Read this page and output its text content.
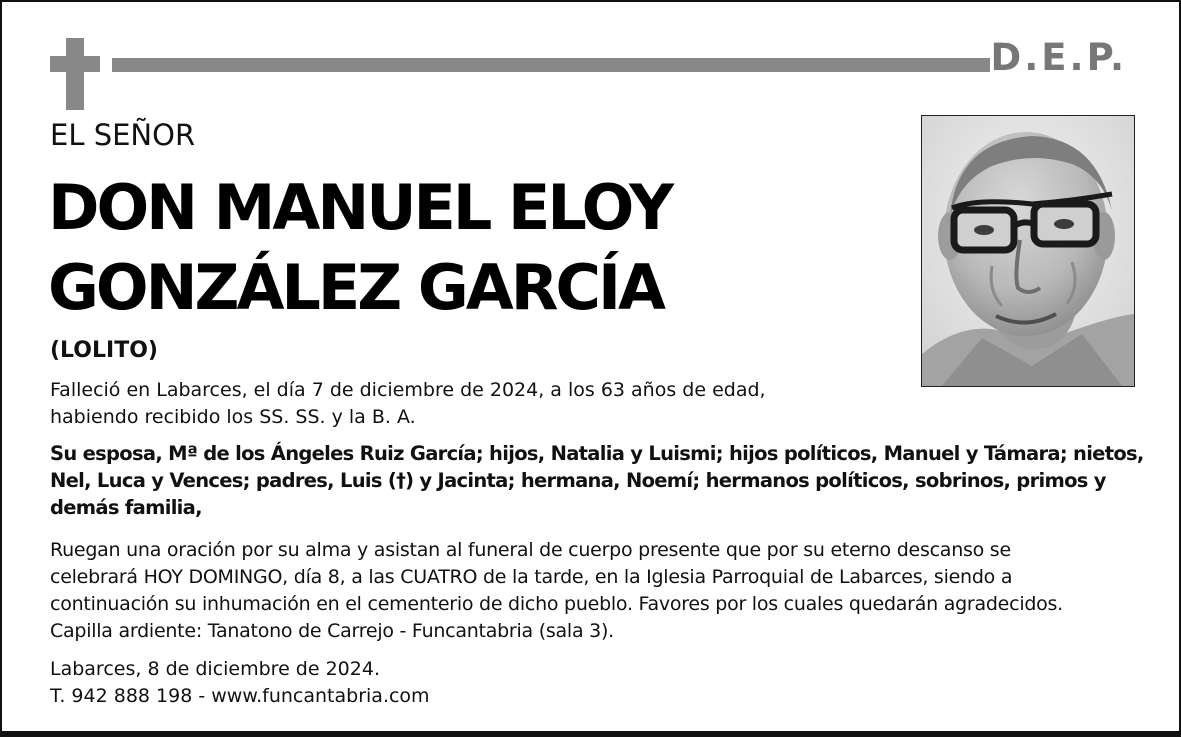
D.E.P.
EL SEÑOR
DON MANUEL ELOY
GONZÁLEZ GARCÍA
(LOLITO)

Falleció en Labarces, el día 7 de diciembre de 2024, a los 63 años de edad,
habiendo recibido los SS. SS. y la B. A.

Su esposa, Mª de los Ángeles Ruiz García; hijos, Natalia y Luismi; hijos políticos, Manuel y Támara; nietos,
Nel, Luca y Vences; padres, Luis (†) y Jacinta; hermana, Noemí; hermanos políticos, sobrinos, primos y
demás familia,

Ruegan una oración por su alma y asistan al funeral de cuerpo presente que por su eterno descanso se
celebrará HOY DOMINGO, día 8, a las CUATRO de la tarde, en la Iglesia Parroquial de Labarces, siendo a
continuación su inhumación en el cementerio de dicho pueblo. Favores por los cuales quedarán agradecidos.
Capilla ardiente: Tanatono de Carrejo - Funcantabria (sala 3).

Labarces, 8 de diciembre de 2024.
T. 942 888 198 - www.funcantabria.com
